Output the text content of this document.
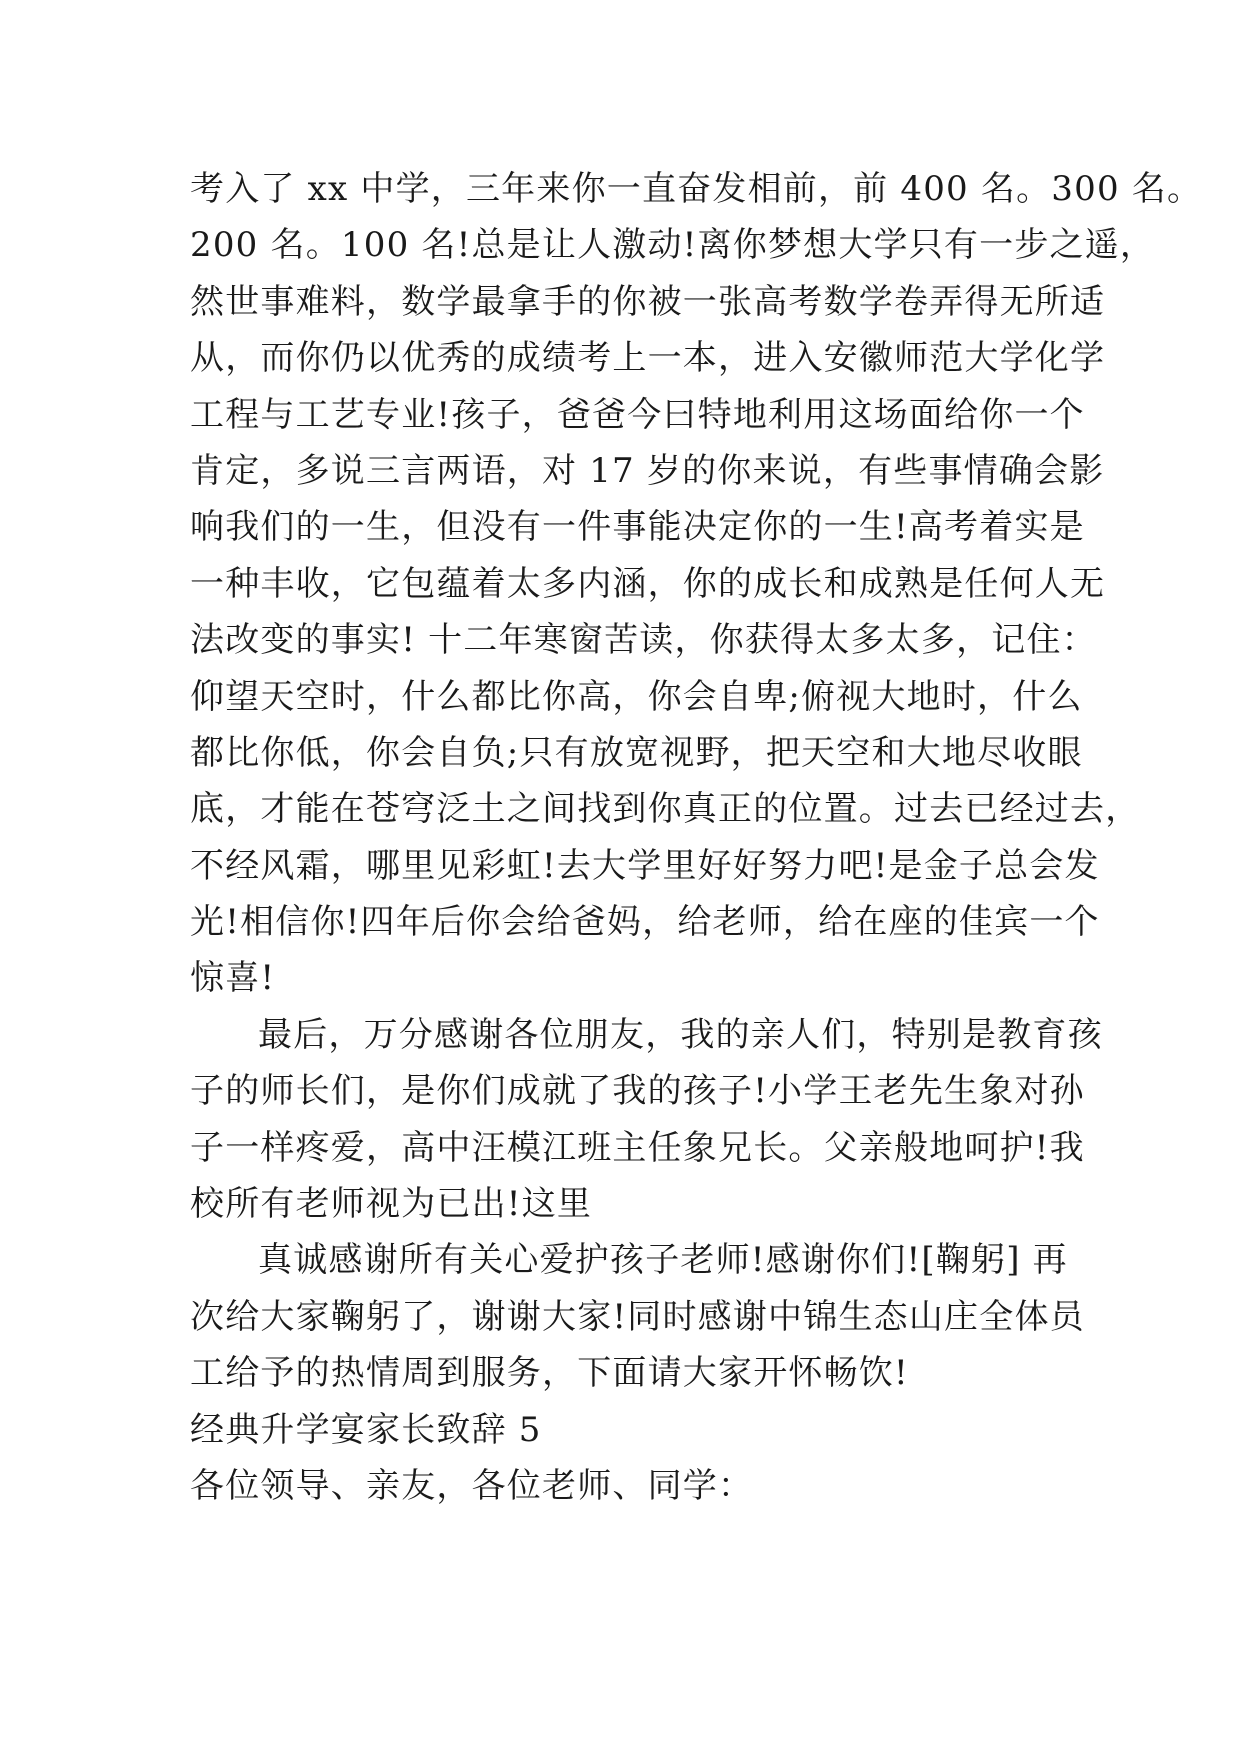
考入了 xx 中学，三年来你一直奋发相前，前 400 名。300 名。
200 名。100 名!总是让人激动!离你梦想大学只有一步之遥，
然世事难料，数学最拿手的你被一张高考数学卷弄得无所适
从，而你仍以优秀的成绩考上一本，进入安徽师范大学化学
工程与工艺专业!孩子，爸爸今曰特地利用这场面给你一个
肯定，多说三言两语，对 17 岁的你来说，有些事情确会影
响我们的一生，但没有一件事能决定你的一生!高考着实是
一种丰收，它包蕴着太多内涵，你的成长和成熟是任何人无
法改变的事实! 十二年寒窗苦读，你获得太多太多，记住：
仰望天空时，什么都比你高，你会自卑;俯视大地时，什么
都比你低，你会自负;只有放宽视野，把天空和大地尽收眼
底，才能在苍穹泛土之间找到你真正的位置。过去已经过去，
不经风霜，哪里见彩虹!去大学里好好努力吧!是金子总会发
光!相信你!四年后你会给爸妈，给老师，给在座的佳宾一个
惊喜!
最后，万分感谢各位朋友，我的亲人们，特别是教育孩
子的师长们，是你们成就了我的孩子!小学王老先生象对孙
子一样疼爱，高中汪模江班主任象兄长。父亲般地呵护!我
校所有老师视为已出!这里
真诚感谢所有关心爱护孩子老师!感谢你们![鞠躬] 再
次给大家鞠躬了，谢谢大家!同时感谢中锦生态山庄全体员
工给予的热情周到服务，下面请大家开怀畅饮!
经典升学宴家长致辞 5
各位领导、亲友，各位老师、同学：
